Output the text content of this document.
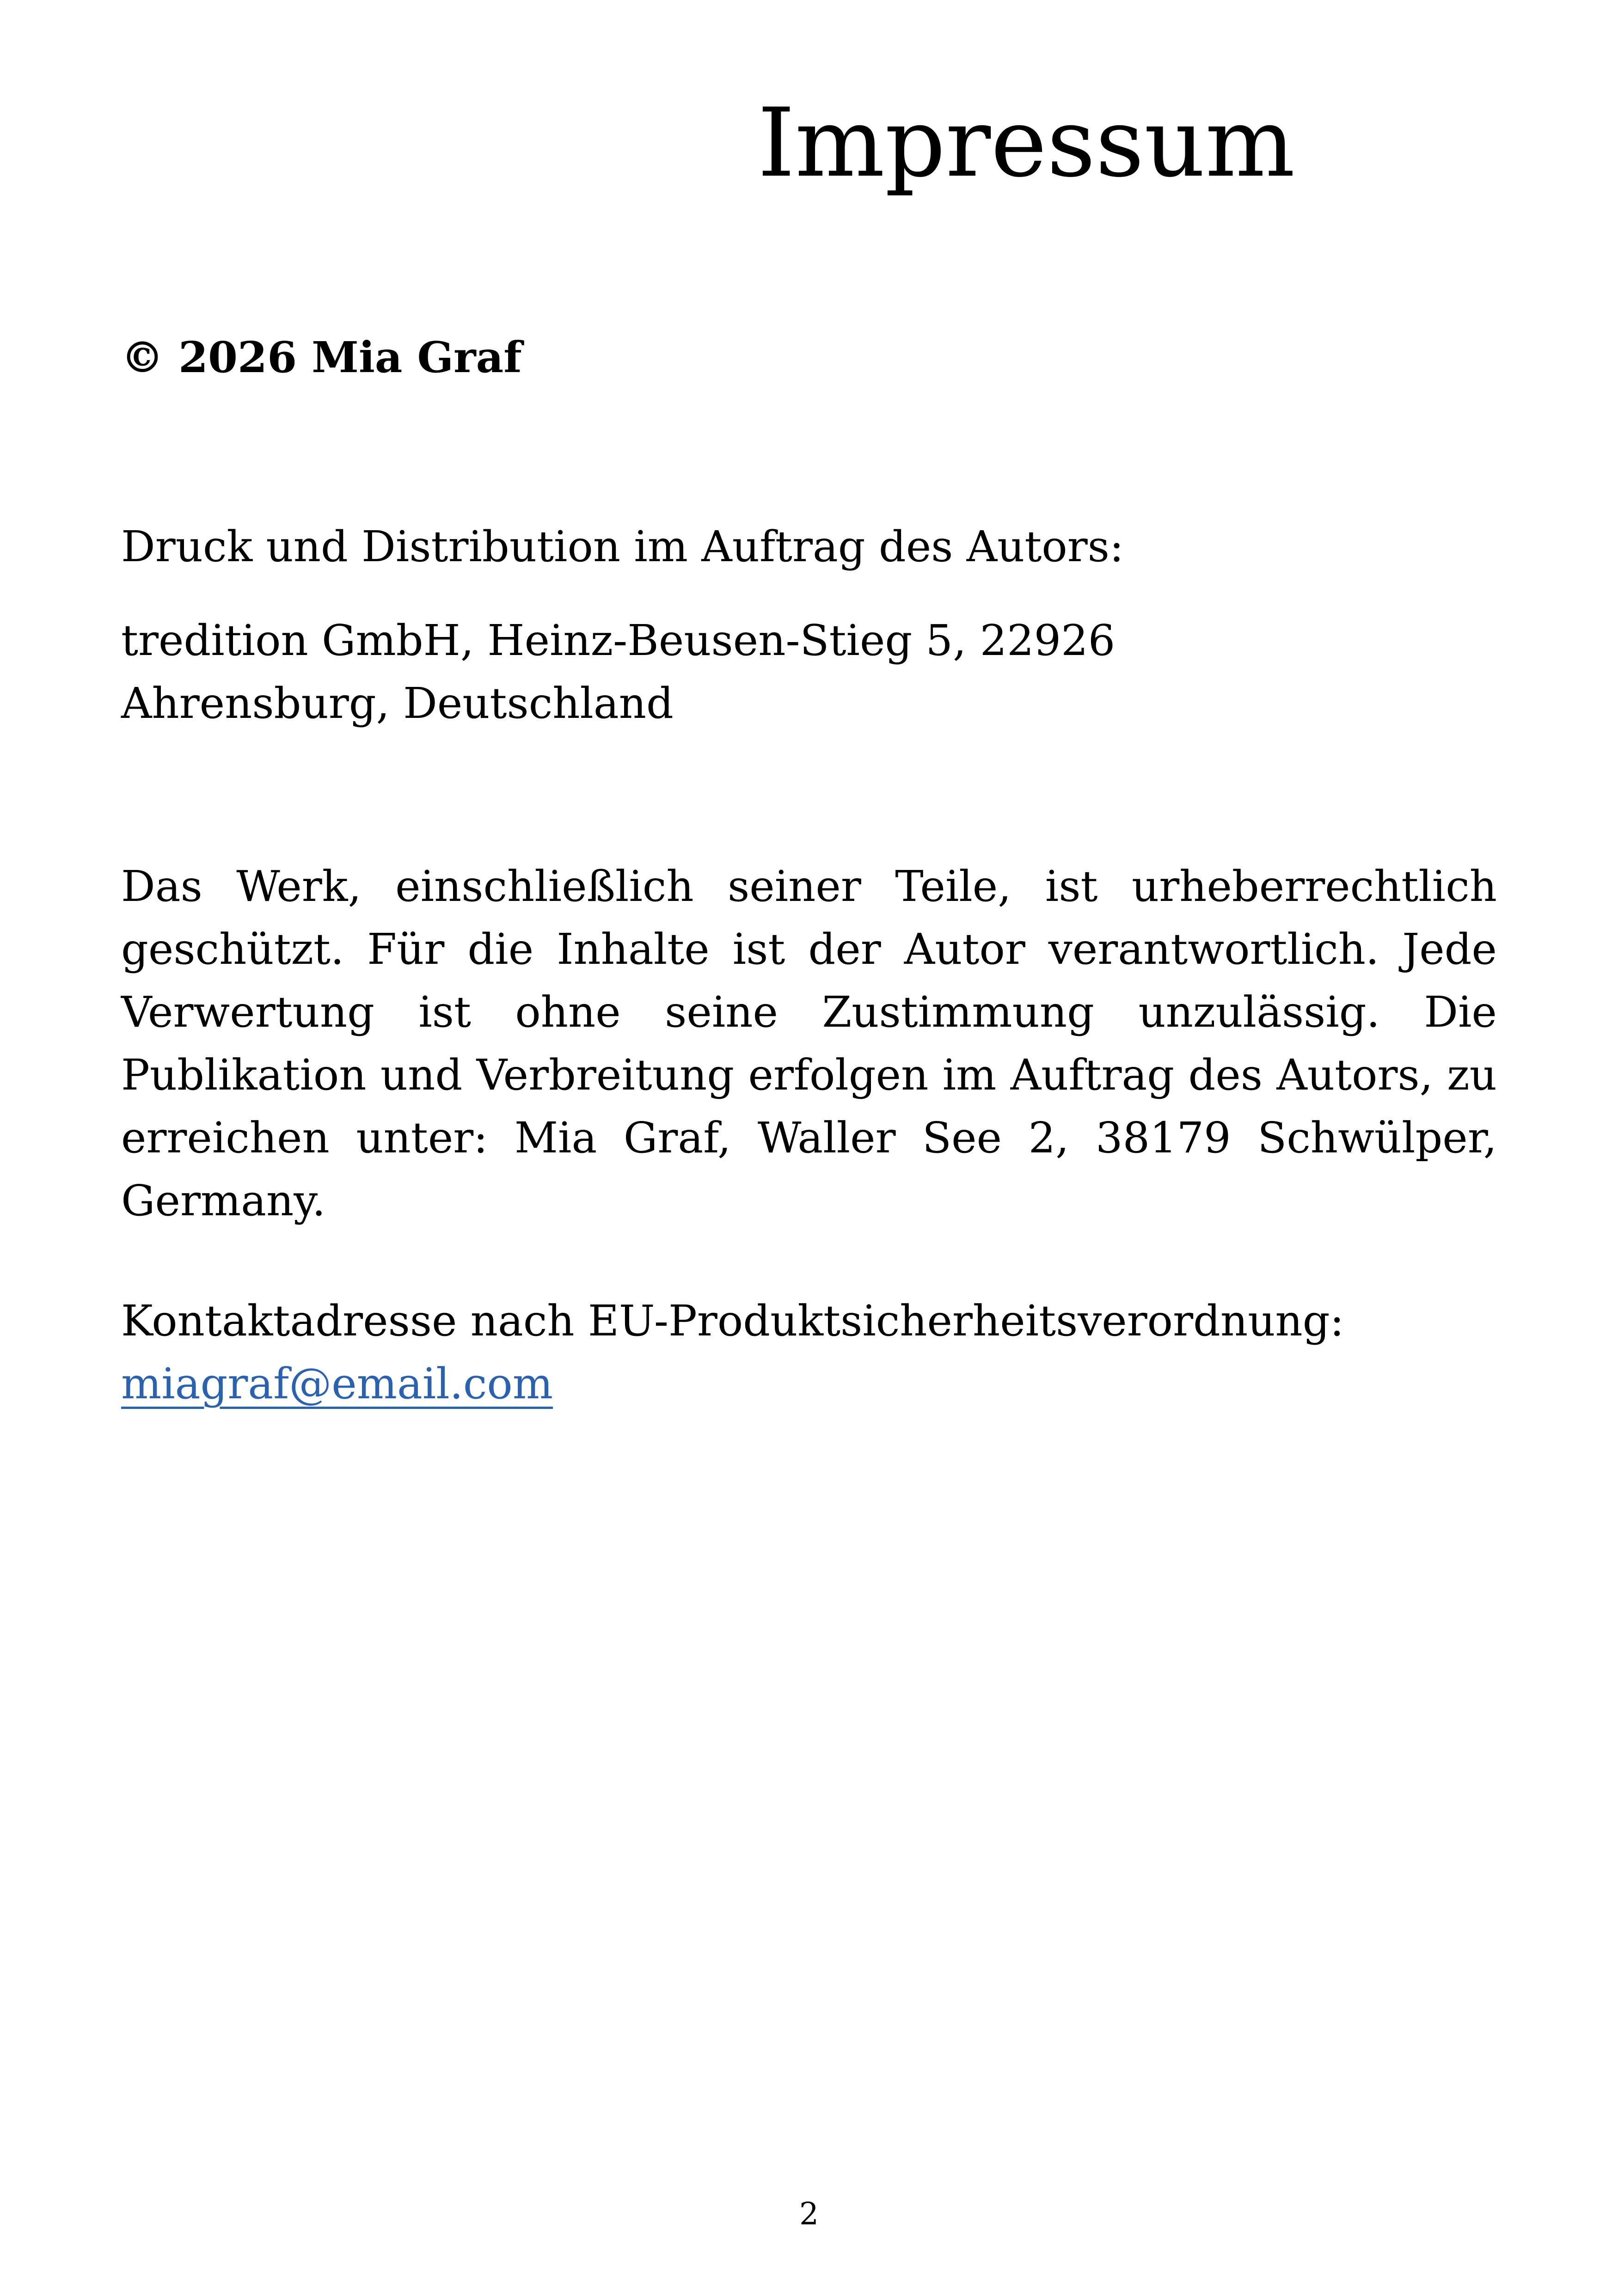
Impressum
© 2026 Mia Graf
Druck und Distribution im Auftrag des Autors:
tredition GmbH, Heinz-Beusen-Stieg 5, 22926 Ahrensburg, Deutschland
Das Werk, einschließlich seiner Teile, ist urheberrechtlich geschützt. Für die Inhalte ist der Autor verantwortlich. Jede Verwertung ist ohne seine Zustimmung unzulässig. Die Publikation und Verbreitung erfolgen im Auftrag des Autors, zu erreichen unter: Mia Graf, Waller See 2, 38179 Schwülper, Germany.
Kontaktadresse nach EU-Produktsicherheitsverordnung:
miagraf@email.com
2
